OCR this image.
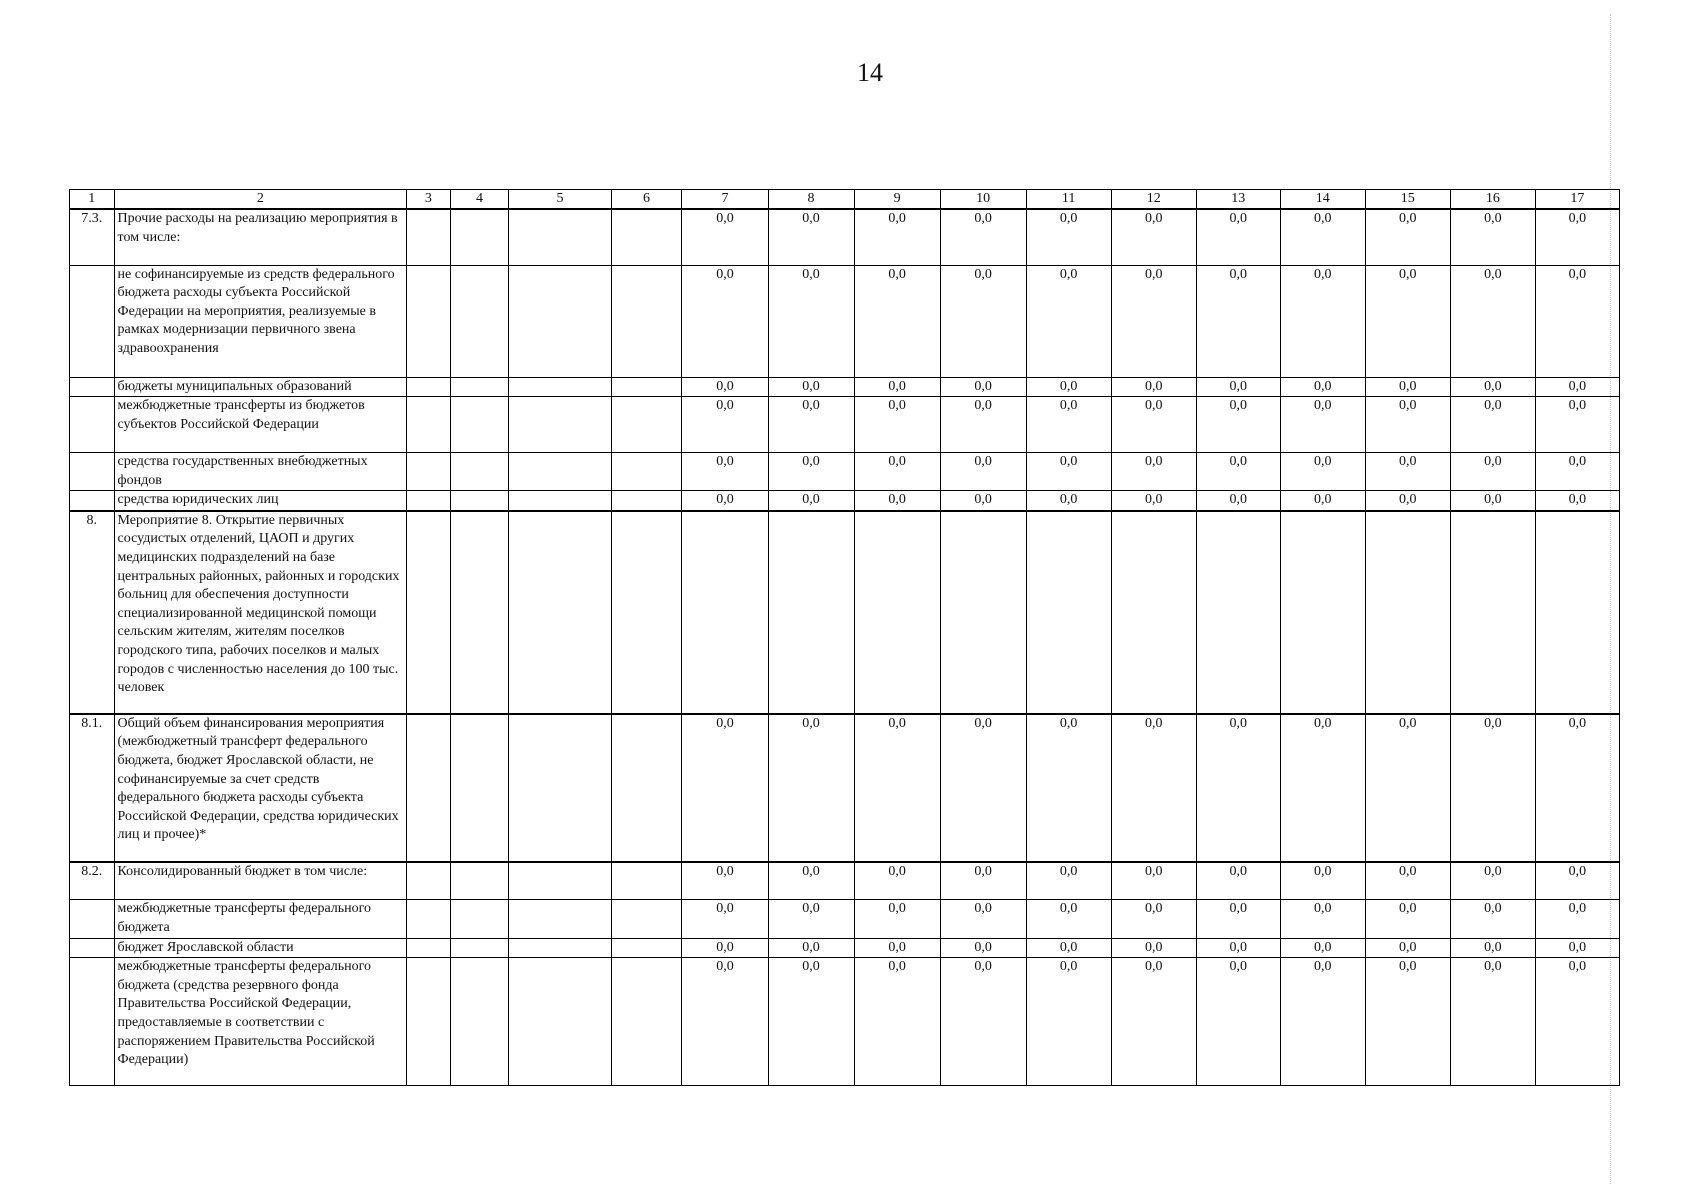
14
1	2	3	4	5	6	7	8	9	10	11	12	13	14	15	16	17
7.3.	Прочие расходы на реализацию мероприятия в том числе:					0,0	0,0	0,0	0,0	0,0	0,0	0,0	0,0	0,0	0,0	0,0
	не софинансируемые из средств федерального бюджета расходы субъекта Российской Федерации на мероприятия, реализуемые в рамках модернизации первичного звена здравоохранения					0,0	0,0	0,0	0,0	0,0	0,0	0,0	0,0	0,0	0,0	0,0
	бюджеты муниципальных образований					0,0	0,0	0,0	0,0	0,0	0,0	0,0	0,0	0,0	0,0	0,0
	межбюджетные трансферты из бюджетов субъектов Российской Федерации					0,0	0,0	0,0	0,0	0,0	0,0	0,0	0,0	0,0	0,0	0,0
	средства государственных внебюджетных фондов					0,0	0,0	0,0	0,0	0,0	0,0	0,0	0,0	0,0	0,0	0,0
	средства юридических лиц					0,0	0,0	0,0	0,0	0,0	0,0	0,0	0,0	0,0	0,0	0,0
8.	Мероприятие 8. Открытие первичных сосудистых отделений, ЦАОП и других медицинских подразделений на базе центральных районных, районных и городских больниц для обеспечения доступности специализированной медицинской помощи сельским жителям, жителям поселков городского типа, рабочих поселков и малых городов с численностью населения до 100 тыс. человек															
8.1.	Общий объем финансирования мероприятия (межбюджетный трансферт федерального бюджета, бюджет Ярославской области, не софинансируемые за счет средств федерального бюджета расходы субъекта Российской Федерации, средства юридических лиц и прочее)*					0,0	0,0	0,0	0,0	0,0	0,0	0,0	0,0	0,0	0,0	0,0
8.2.	Консолидированный бюджет в том числе:					0,0	0,0	0,0	0,0	0,0	0,0	0,0	0,0	0,0	0,0	0,0
	межбюджетные трансферты федерального бюджета					0,0	0,0	0,0	0,0	0,0	0,0	0,0	0,0	0,0	0,0	0,0
	бюджет Ярославской области					0,0	0,0	0,0	0,0	0,0	0,0	0,0	0,0	0,0	0,0	0,0
	межбюджетные трансферты федерального бюджета (средства резервного фонда Правительства Российской Федерации, предоставляемые в соответствии с распоряжением Правительства Российской Федерации)					0,0	0,0	0,0	0,0	0,0	0,0	0,0	0,0	0,0	0,0	0,0
